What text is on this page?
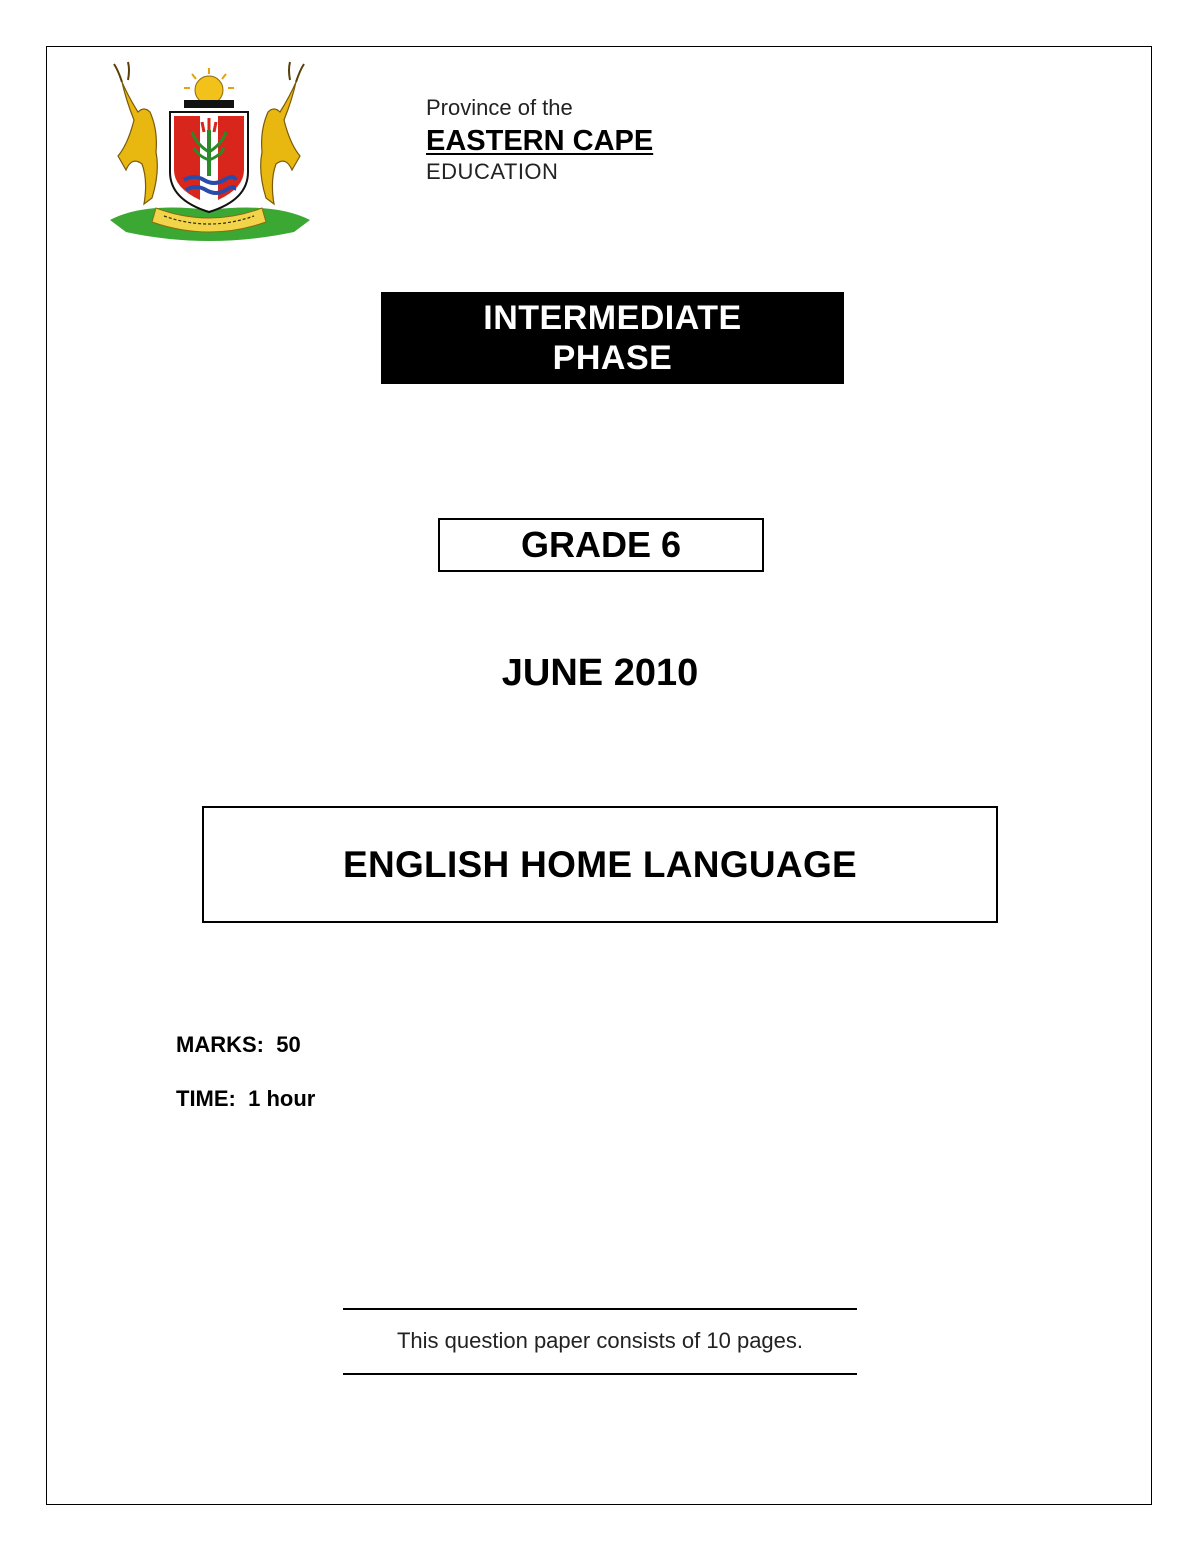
Province of the
EASTERN CAPE
EDUCATION
INTERMEDIATE
PHASE
GRADE 6
JUNE 2010
ENGLISH HOME LANGUAGE
MARKS: 50
TIME: 1 hour
This question paper consists of 10 pages.
